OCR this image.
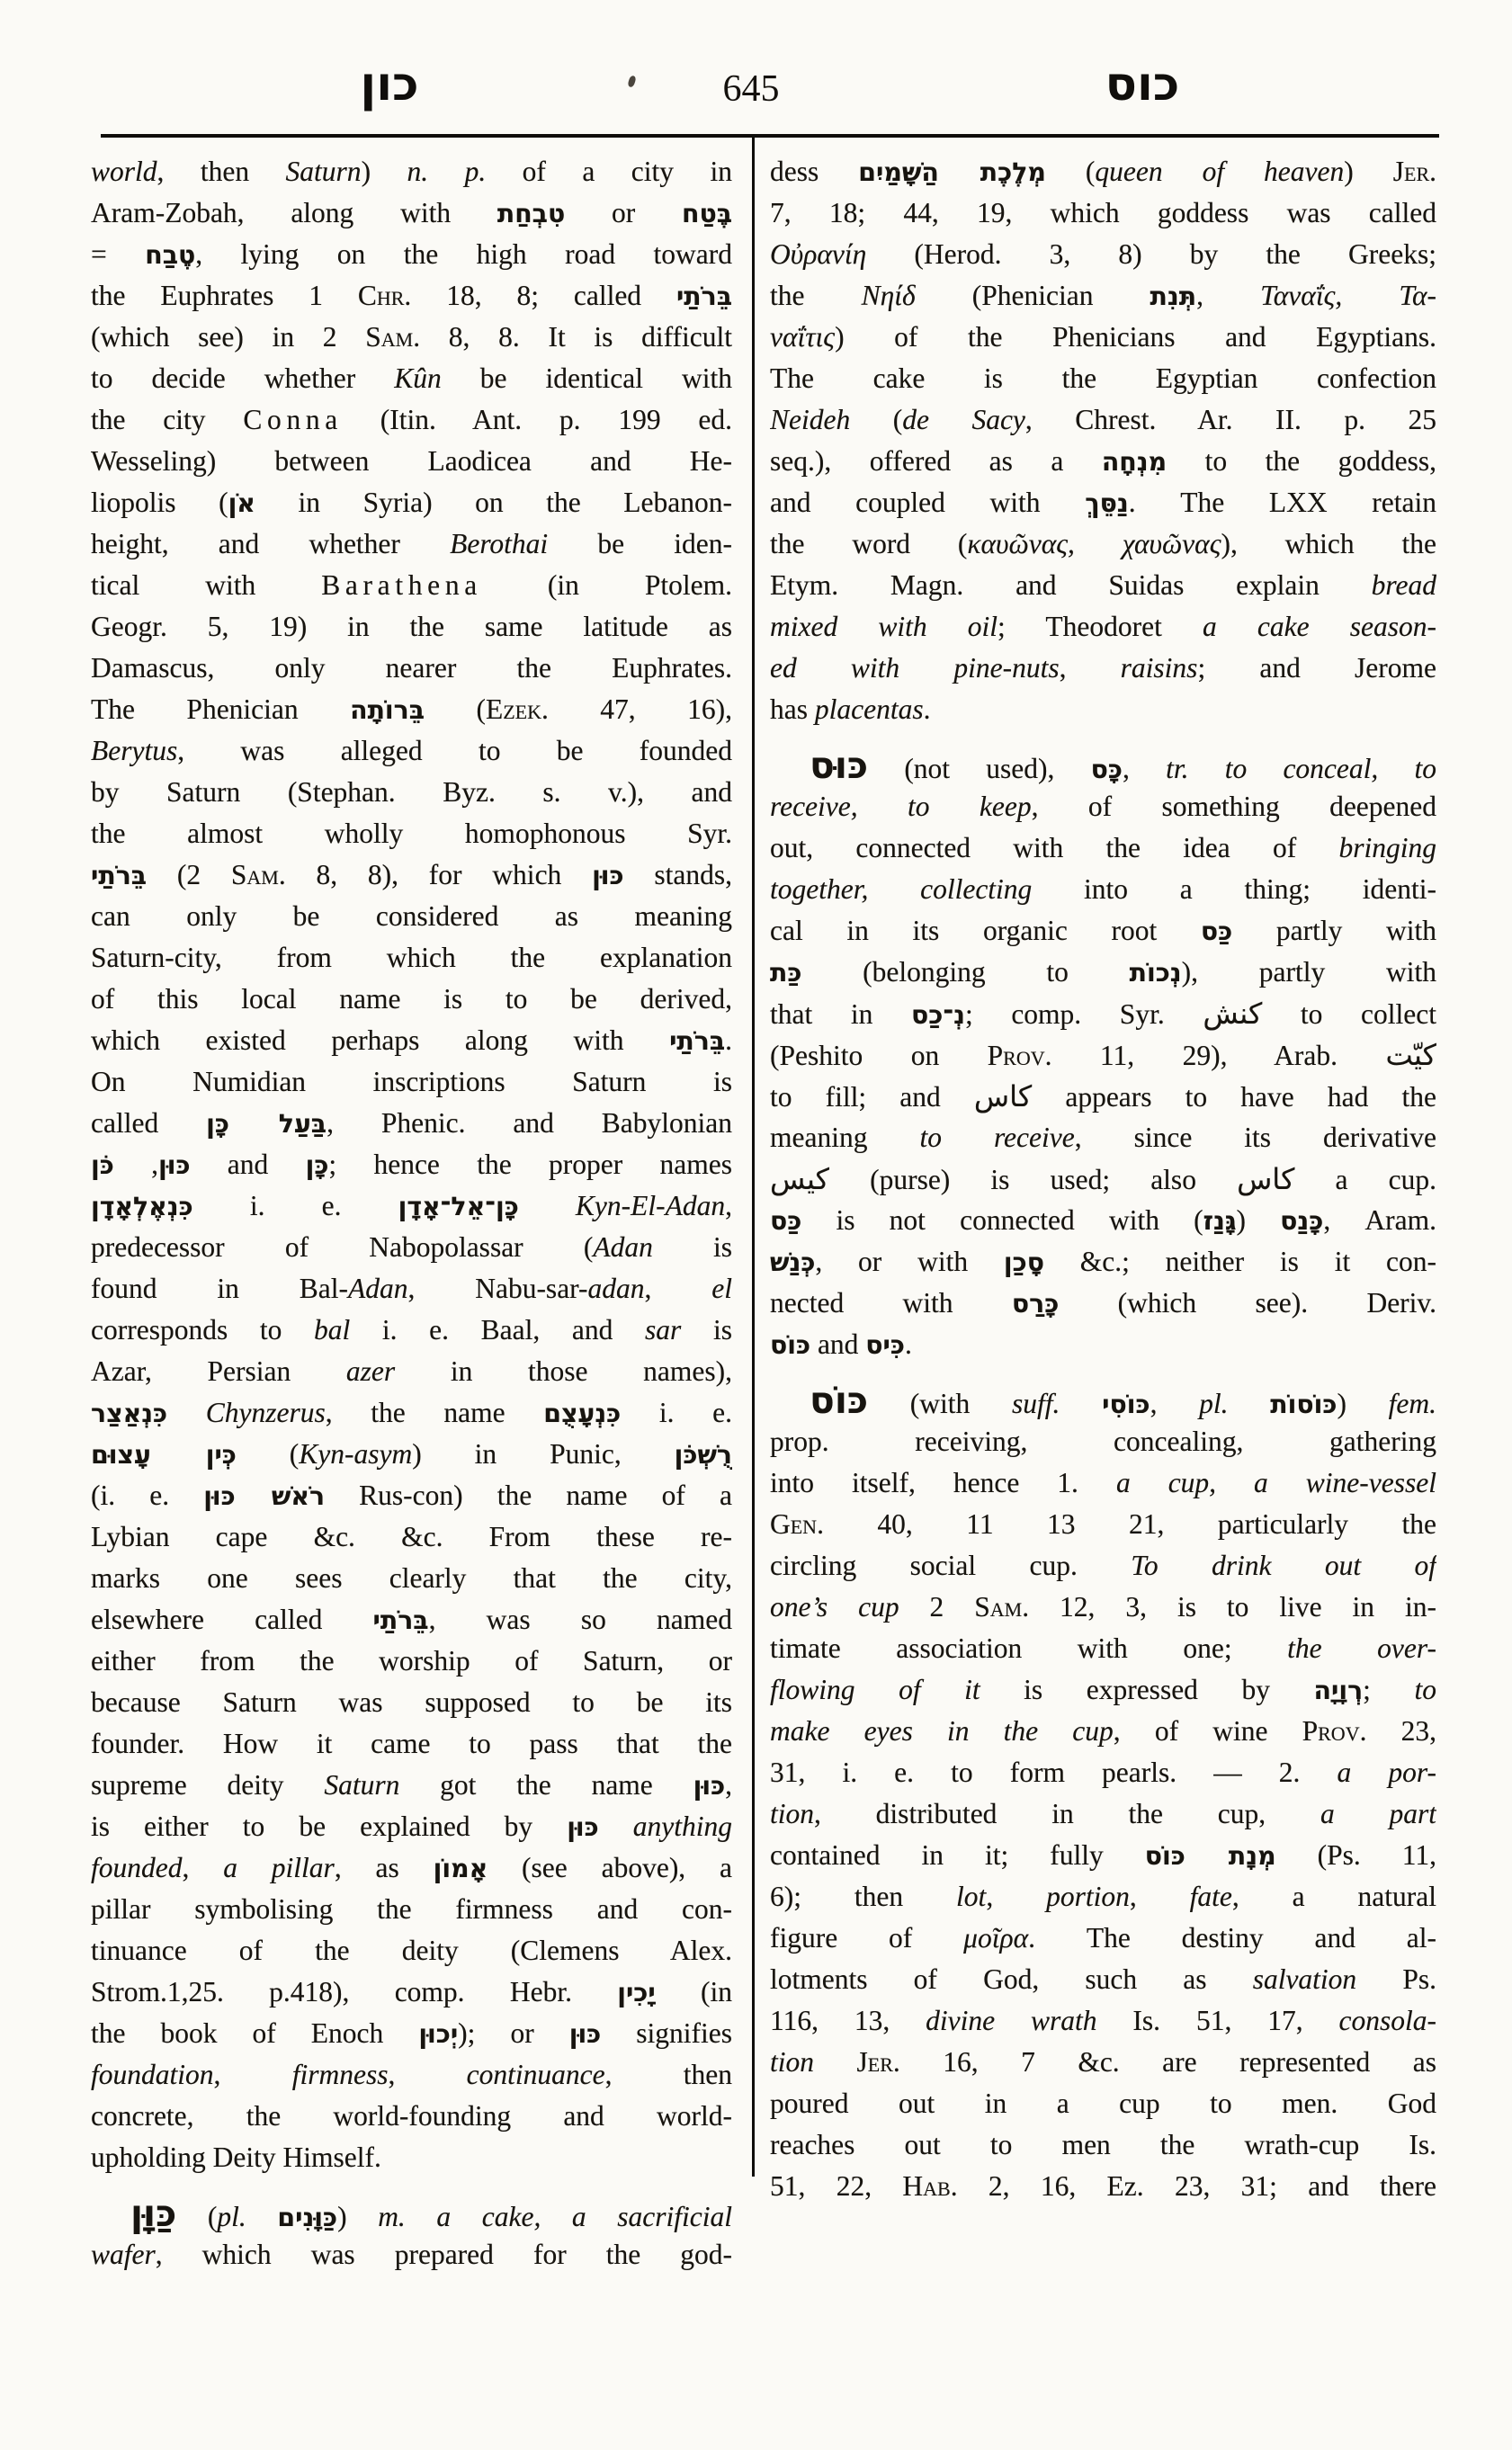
כון	645	כוס
world, then Saturn) n. p. of a city in
Aram-Zobah, along with טִבְחַת or בֶּטַח
= טֶבַח, lying on the high road toward
the Euphrates 1 Chr. 18, 8; called בֵּרֹתַי
(which see) in 2 Sam. 8, 8. It is difficult
to decide whether Kûn be identical with
the city Conna (Itin. Ant. p. 199 ed.
Wesseling) between Laodicea and He-
liopolis (אֹן in Syria) on the Lebanon-
height, and whether Berothai be iden-
tical with Barathena (in Ptolem.
Geogr. 5, 19) in the same latitude as
Damascus, only nearer the Euphrates.
The Phenician בֵּרוֹתָה (Ezek. 47, 16),
Berytus, was alleged to be founded
by Saturn (Stephan. Byz. s. v.), and
the almost wholly homophonous Syr.
בֵּרֹתַי (2 Sam. 8, 8), for which כּוּן stands,
can only be considered as meaning
Saturn-city, from which the explanation
of this local name is to be derived,
which existed perhaps along with בֵּרֹתַי.
On Numidian inscriptions Saturn is
called בַּעַל כָּן, Phenic. and Babylonian
כּוּן, כֹּן	and כָּן; hence the proper names
כִּנְאֶלְאָדָן i. e. כָּן־אֵל־אָדָן Kyn-El-Adan,
predecessor of Nabopolassar (Adan is
found in Bal-Adan, Nabu-sar-adan, el
corresponds to bal i. e. Baal, and sar is
Azar, Persian azer in those names),
כִּנְאַצַר Chynzerus, the name כִּנְעָצֻם i. e.
כְּין עָצוּם (Kyn-asym) in Punic, רֻשְׁכֹּן
(i. e. רֹאשׁ כּוּן Rus-con) the name of a
Lybian cape &c. &c. From these re-
marks one sees clearly that the city,
elsewhere called בֵּרֹתַי, was so named
either from the worship of Saturn, or
because Saturn was supposed to be its
founder. How it came to pass that the
supreme deity Saturn got the name כּוּן,
is either to be explained by כּוּן anything
founded, a pillar, as אָמוֹן (see above), a
pillar symbolising the firmness and con-
tinuance of the deity (Clemens Alex.
Strom.1,25. p.418), comp. Hebr. יָכִין (in
the book of Enoch יְכוּן); or כּוּן signifies
foundation, firmness, continuance, then
concrete, the world-founding and world-
upholding Deity Himself.
כַּוָּן (pl. כַּוָּנִים) m. a cake, a sacrificial
wafer, which was prepared for the god-
dess מְלֶכֶת הַשָּׁמַיִם (queen of heaven) Jer.
7, 18; 44, 19, which goddess was called
Οὐρανίη (Herod. 3, 8) by the Greeks;
the Νηίδ (Phenician תְּנִת, Ταναΐς, Τα-
ναΐτις) of the Phenicians and Egyptians.
The cake is the Egyptian confection
Neideh (de Sacy, Chrest. Ar. II. p. 25
seq.), offered as a מִנְחָה to the goddess,
and coupled with נַסֵּךְ. The LXX retain
the word (καυῶνας, χαυῶνας), which the
Etym. Magn. and Suidas explain bread
mixed with oil; Theodoret a cake season-
ed with pine-nuts, raisins; and Jerome
has placentas.
כּוּס (not used), כָּס, tr. to conceal, to
receive, to keep, of something deepened
out, connected with the idea of bringing
together, collecting into a thing; identi-
cal in its organic root כַּס partly with
כַּת (belonging to נְכוֹת), partly with
that in נְ־כַס; comp. Syr. كنش to collect
(Peshito on Prov. 11, 29), Arab. كيّت
to fill; and كاس appears to have had the
meaning to receive, since its derivative
كيس (purse) is used; also كاس a cup.
כַּס is not connected with	כָּנַס (גָּנַז), Aram.
כְּנַשׁ, or with סָכַן &c.; neither is it con-
nected with כָּרַס (which see). Deriv.
כּוֹס and כִּיס.
כּוֹס (with suff. כּוֹסִי, pl. כּוֹסוֹת) fem.
prop. receiving, concealing, gathering
into itself, hence 1. a cup, a wine-vessel
Gen. 40, 11 13 21, particularly the
circling social cup. To drink out of
one’s cup 2 Sam. 12, 3, is to live in in-
timate association with one; the over-
flowing of it is expressed by רְוָיָה; to
make eyes in the cup, of wine Prov. 23,
31, i. e. to form pearls. — 2. a por-
tion, distributed in the cup, a part
contained in it; fully מְנָת כּוֹס (Ps. 11,
6); then lot, portion, fate, a natural
figure of μοῖρα. The destiny and al-
lotments of God, such as salvation Ps.
116, 13, divine wrath Is. 51, 17, consola-
tion Jer. 16, 7 &c. are represented as
poured out in a cup to men. God
reaches out to men the wrath-cup Is.
51, 22, Hab. 2, 16, Ez. 23, 31; and there
